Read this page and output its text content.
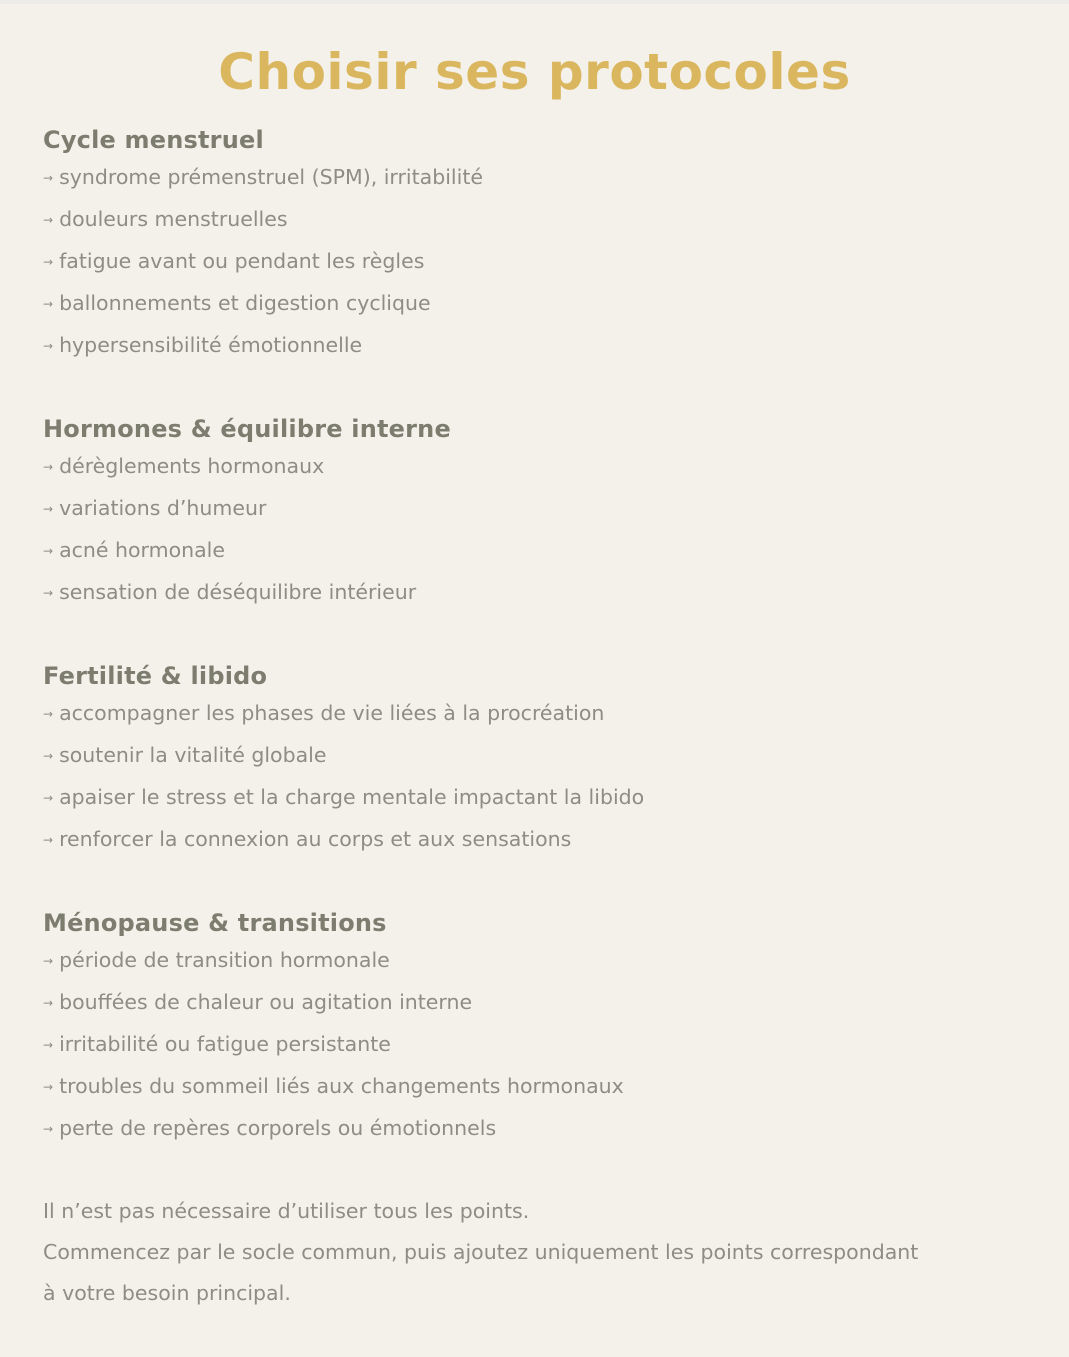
Choisir ses protocoles
Cycle menstruel
→ syndrome prémenstruel (SPM), irritabilité
→ douleurs menstruelles
→ fatigue avant ou pendant les règles
→ ballonnements et digestion cyclique
→ hypersensibilité émotionnelle
Hormones & équilibre interne
→ dérèglements hormonaux
→ variations d’humeur
→ acné hormonale
→ sensation de déséquilibre intérieur
Fertilité & libido
→ accompagner les phases de vie liées à la procréation
→ soutenir la vitalité globale
→ apaiser le stress et la charge mentale impactant la libido
→ renforcer la connexion au corps et aux sensations
Ménopause & transitions
→ période de transition hormonale
→ bouffées de chaleur ou agitation interne
→ irritabilité ou fatigue persistante
→ troubles du sommeil liés aux changements hormonaux
→ perte de repères corporels ou émotionnels

Il n’est pas nécessaire d’utiliser tous les points.

Commencez par le socle commun, puis ajoutez uniquement les points correspondant

à votre besoin principal.
